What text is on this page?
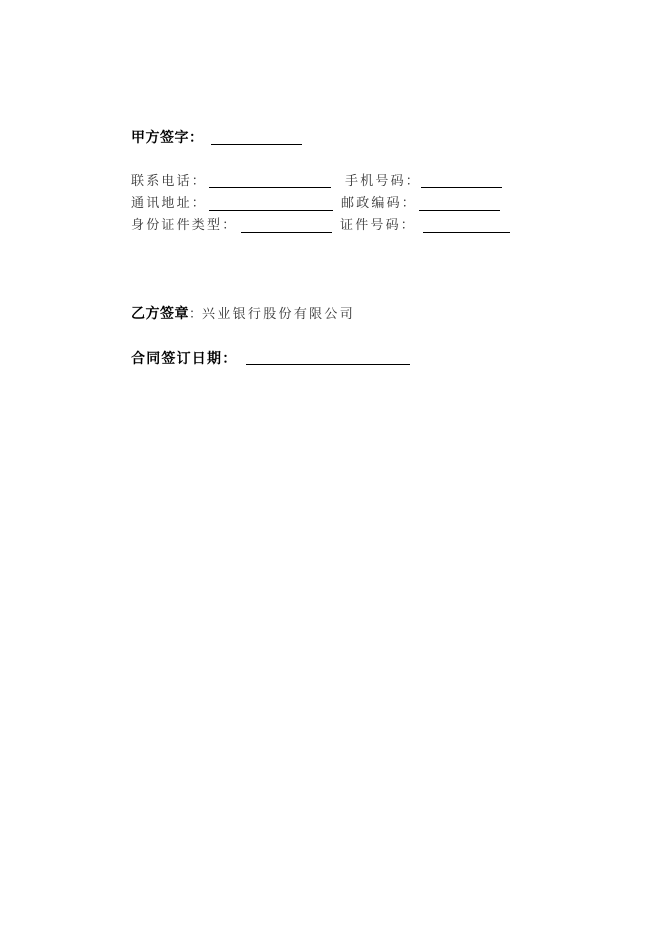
甲方签字：
联系电话：	手机号码：
通讯地址：	邮政编码：
身份证件类型：	证件号码：
乙方签章：兴业银行股份有限公司
合同签订日期：
